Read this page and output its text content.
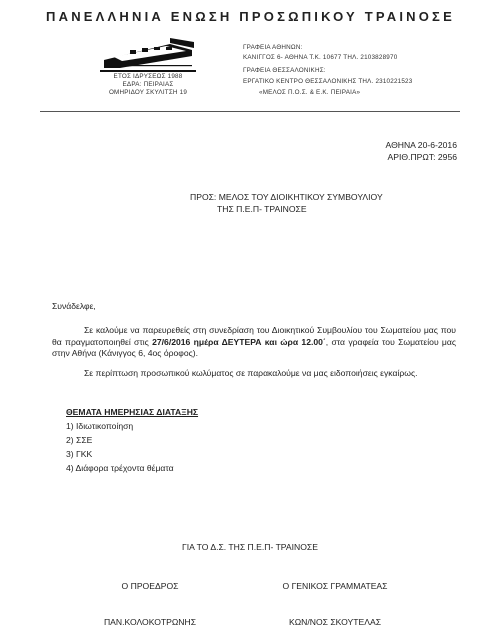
ΠΑΝΕΛΛΗΝΙΑ ΕΝΩΣΗ ΠΡΟΣΩΠΙΚΟΥ ΤΡΑΙΝΟΣΕ
ΕΤΟΣ ΙΔΡΥΣΕΩΣ 1988
ΕΔΡΑ: ΠΕΙΡΑΙΑΣ
ΟΜΗΡΙΔΟΥ ΣΚΥΛΙΤΣΗ 19
ΓΡΑΦΕΙΑ ΑΘΗΝΩΝ:
ΚΑΝΙΓΓΟΣ 6- ΑΘΗΝΑ Τ.Κ. 10677 ΤΗΛ. 2103828970
ΓΡΑΦΕΙΑ ΘΕΣΣΑΛΟΝΙΚΗΣ:
ΕΡΓΑΤΙΚΟ ΚΕΝΤΡΟ ΘΕΣΣΑΛΟΝΙΚΗΣ ΤΗΛ. 2310221523
«ΜΕΛΟΣ Π.Ο.Σ. & Ε.Κ. ΠΕΙΡΑΙΑ»
ΑΘΗΝΑ 20-6-2016
ΑΡΙΘ.ΠΡΩΤ: 2956
ΠΡΟΣ: ΜΕΛΟΣ ΤΟΥ ΔΙΟΙΚΗΤΙΚΟΥ ΣΥΜΒΟΥΛΙΟΥ
ΤΗΣ Π.Ε.Π- ΤΡΑΙΝΟΣΕ
Συνάδελφε,
Σε καλούμε να παρευρεθείς στη συνεδρίαση του Διοικητικού Συμβουλίου του Σωματείου μας που θα πραγματοποιηθεί στις 27/6/2016 ημέρα ΔΕΥΤΕΡΑ και ώρα 12.00΄, στα γραφεία του Σωματείου μας στην Αθήνα (Κάνιγγος 6, 4ος όροφος).
Σε περίπτωση προσωπικού κωλύματος σε παρακαλούμε να μας ειδοποιήσεις εγκαίρως.
ΘΕΜΑΤΑ ΗΜΕΡΗΣΙΑΣ ΔΙΑΤΑΞΗΣ
1) Ιδιωτικοποίηση
2) ΣΣΕ
3) ΓΚΚ
4) Διάφορα τρέχοντα θέματα
ΓΙΑ ΤΟ Δ.Σ. ΤΗΣ Π.Ε.Π- ΤΡΑΙΝΟΣΕ
Ο ΠΡΟΕΔΡΟΣ	Ο ΓΕΝΙΚΟΣ ΓΡΑΜΜΑΤΕΑΣ
ΠΑΝ.ΚΟΛΟΚΟΤΡΩΝΗΣ	ΚΩΝ/ΝΟΣ ΣΚΟΥΤΕΛΑΣ
